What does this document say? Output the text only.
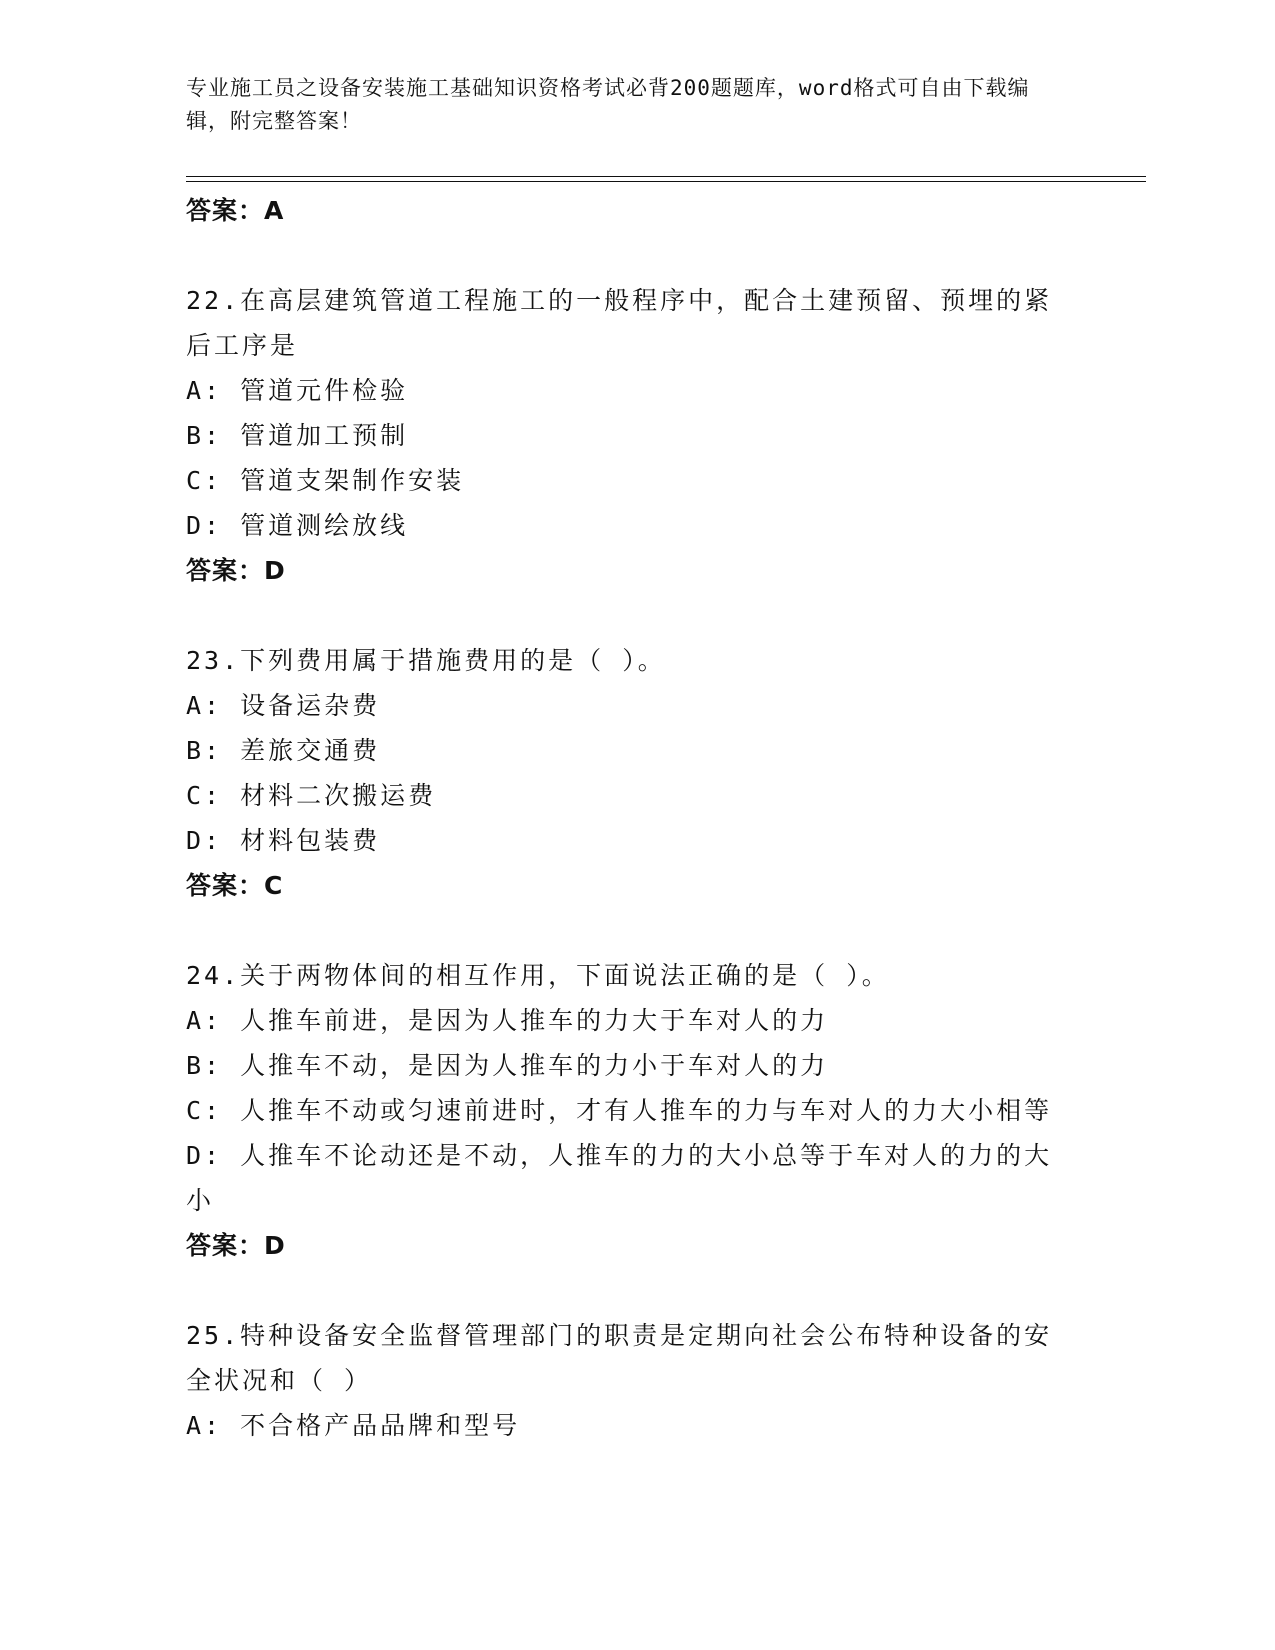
专业施工员之设备安装施工基础知识资格考试必背200题题库，word格式可自由下载编辑，附完整答案！

答案：A

22.在高层建筑管道工程施工的一般程序中，配合土建预留、预埋的紧后工序是

A: 管道元件检验

B: 管道加工预制

C: 管道支架制作安装

D: 管道测绘放线

答案：D

23.下列费用属于措施费用的是（ ）。

A: 设备运杂费

B: 差旅交通费

C: 材料二次搬运费

D: 材料包装费

答案：C

24.关于两物体间的相互作用，下面说法正确的是（ ）。

A: 人推车前进，是因为人推车的力大于车对人的力

B: 人推车不动，是因为人推车的力小于车对人的力

C: 人推车不动或匀速前进时，才有人推车的力与车对人的力大小相等

D: 人推车不论动还是不动，人推车的力的大小总等于车对人的力的大小

答案：D

25.特种设备安全监督管理部门的职责是定期向社会公布特种设备的安全状况和（ ）

A: 不合格产品品牌和型号
